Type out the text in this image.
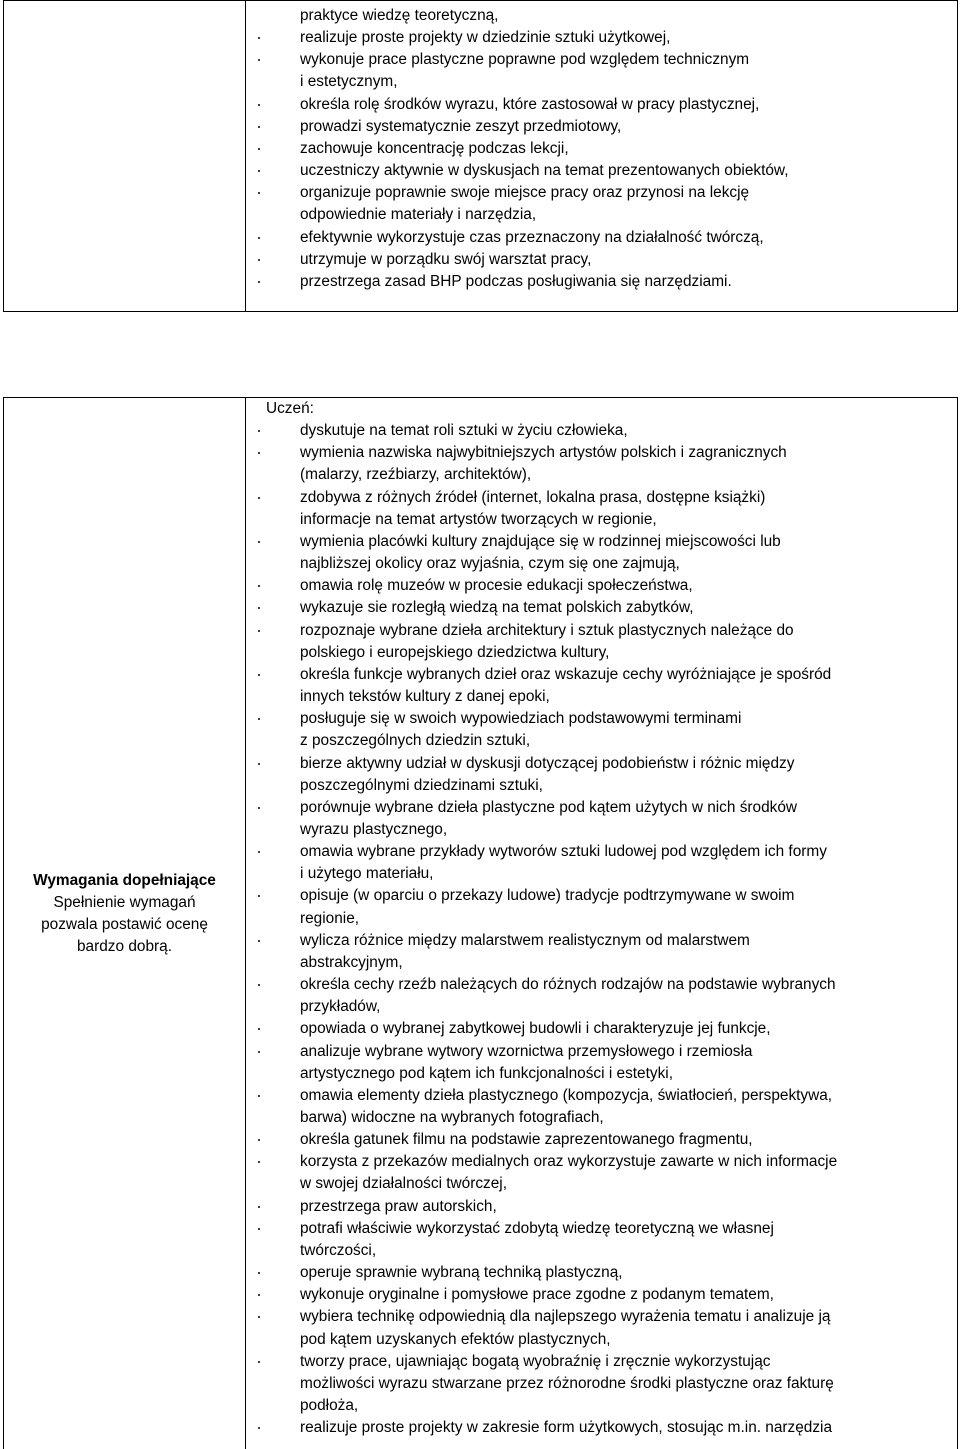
praktyce wiedzę teoretyczną,
realizuje proste projekty w dziedzinie sztuki użytkowej,
wykonuje prace plastyczne poprawne pod względem technicznym
i estetycznym,
określa rolę środków wyrazu, które zastosował w pracy plastycznej,
prowadzi systematycznie zeszyt przedmiotowy,
zachowuje koncentrację podczas lekcji,
uczestniczy aktywnie w dyskusjach na temat prezentowanych obiektów,
organizuje poprawnie swoje miejsce pracy oraz przynosi na lekcję
odpowiednie materiały i narzędzia,
efektywnie wykorzystuje czas przeznaczony na działalność twórczą,
utrzymuje w porządku swój warsztat pracy,
przestrzega zasad BHP podczas posługiwania się narzędziami.
Wymagania dopełniające
Spełnienie wymagań
pozwala postawić ocenę
bardzo dobrą.
Uczeń:
dyskutuje na temat roli sztuki w życiu człowieka,
wymienia nazwiska najwybitniejszych artystów polskich i zagranicznych
(malarzy, rzeźbiarzy, architektów),
zdobywa z różnych źródeł (internet, lokalna prasa, dostępne książki)
informacje na temat artystów tworzących w regionie,
wymienia placówki kultury znajdujące się w rodzinnej miejscowości lub
najbliższej okolicy oraz wyjaśnia, czym się one zajmują,
omawia rolę muzeów w procesie edukacji społeczeństwa,
wykazuje sie rozległą wiedzą na temat polskich zabytków,
rozpoznaje wybrane dzieła architektury i sztuk plastycznych należące do
polskiego i europejskiego dziedzictwa kultury,
określa funkcje wybranych dzieł oraz wskazuje cechy wyróżniające je spośród
innych tekstów kultury z danej epoki,
posługuje się w swoich wypowiedziach podstawowymi terminami
z poszczególnych dziedzin sztuki,
bierze aktywny udział w dyskusji dotyczącej podobieństw i różnic między
poszczególnymi dziedzinami sztuki,
porównuje wybrane dzieła plastyczne pod kątem użytych w nich środków
wyrazu plastycznego,
omawia wybrane przykłady wytworów sztuki ludowej pod względem ich formy
i użytego materiału,
opisuje (w oparciu o przekazy ludowe) tradycje podtrzymywane w swoim
regionie,
wylicza różnice między malarstwem realistycznym od malarstwem
abstrakcyjnym,
określa cechy rzeźb należących do różnych rodzajów na podstawie wybranych
przykładów,
opowiada o wybranej zabytkowej budowli i charakteryzuje jej funkcje,
analizuje wybrane wytwory wzornictwa przemysłowego i rzemiosła
artystycznego pod kątem ich funkcjonalności i estetyki,
omawia elementy dzieła plastycznego (kompozycja, światłocień, perspektywa,
barwa) widoczne na wybranych fotografiach,
określa gatunek filmu na podstawie zaprezentowanego fragmentu,
korzysta z przekazów medialnych oraz wykorzystuje zawarte w nich informacje
w swojej działalności twórczej,
przestrzega praw autorskich,
potrafi właściwie wykorzystać zdobytą wiedzę teoretyczną we własnej
twórczości,
operuje sprawnie wybraną techniką plastyczną,
wykonuje oryginalne i pomysłowe prace zgodne z podanym tematem,
wybiera technikę odpowiednią dla najlepszego wyrażenia tematu i analizuje ją
pod kątem uzyskanych efektów plastycznych,
tworzy prace, ujawniając bogatą wyobraźnię i zręcznie wykorzystując
możliwości wyrazu stwarzane przez różnorodne środki plastyczne oraz fakturę
podłoża,
realizuje proste projekty w zakresie form użytkowych, stosując m.in. narzędzia
